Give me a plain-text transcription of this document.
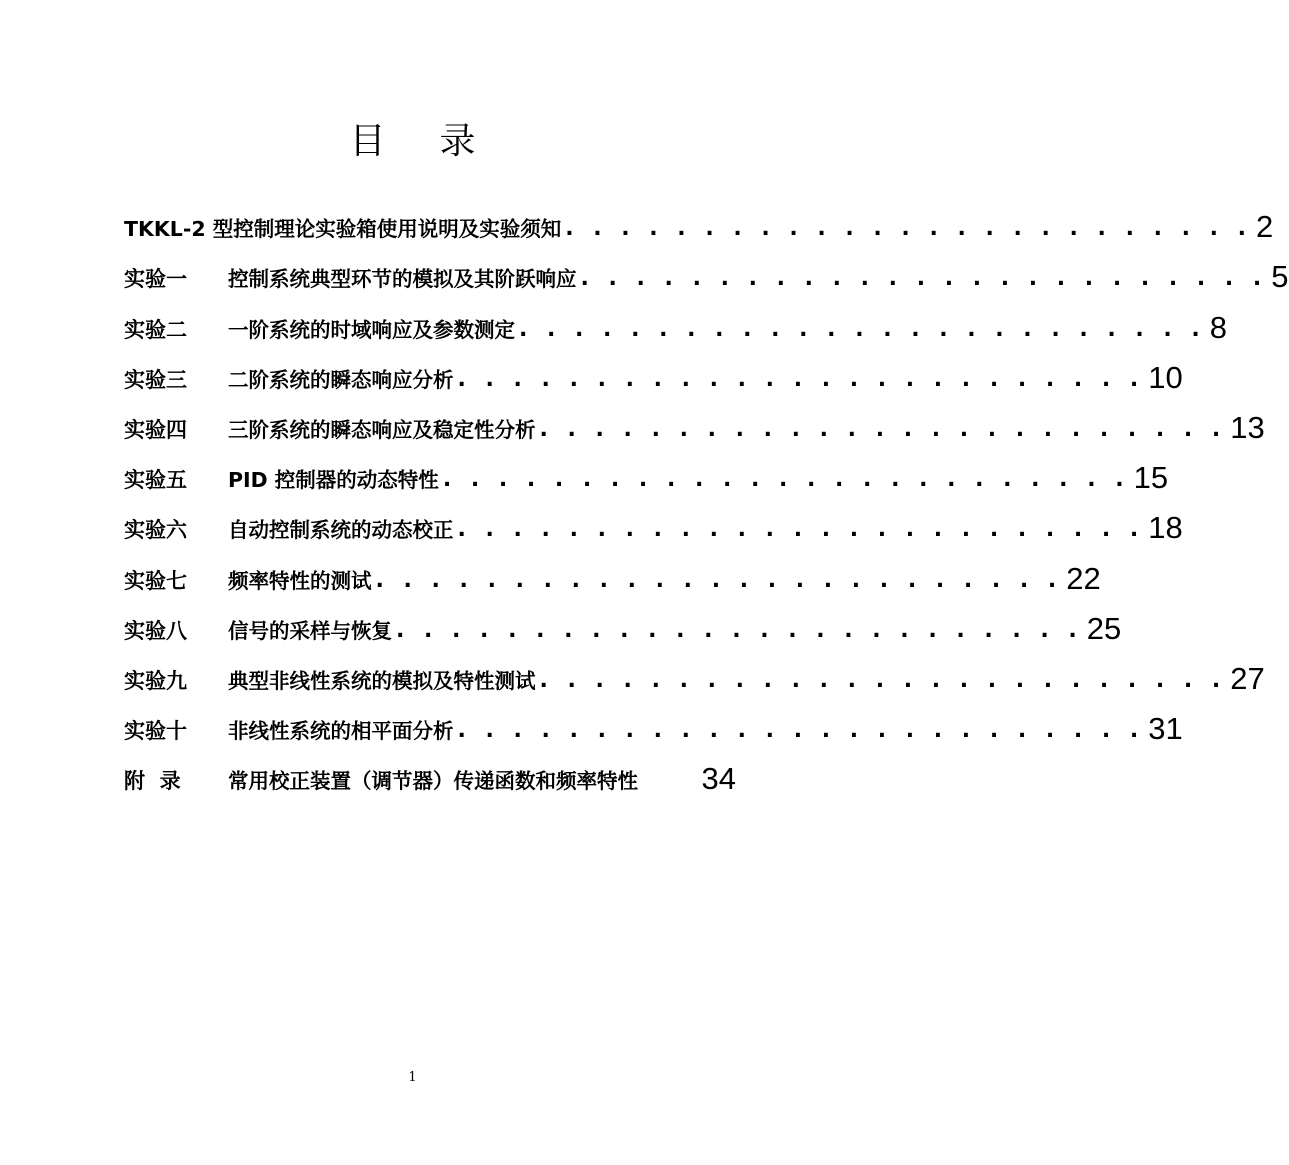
目录
TKKL-2 型控制理论实验箱使用说明及实验须知 . . . . . . . . . . . . . . . . . . . . . . . . . 2
实验一	控制系统典型环节的模拟及其阶跃响应 . . . . . . . . . . . . . . . . . . . . . . . . . 5
实验二	一阶系统的时域响应及参数测定 . . . . . . . . . . . . . . . . . . . . . . . . . 8
实验三	二阶系统的瞬态响应分析 . . . . . . . . . . . . . . . . . . . . . . . . . 10
实验四	三阶系统的瞬态响应及稳定性分析 . . . . . . . . . . . . . . . . . . . . . . . . . 13
实验五	PID 控制器的动态特性 . . . . . . . . . . . . . . . . . . . . . . . . . 15
实验六	自动控制系统的动态校正 . . . . . . . . . . . . . . . . . . . . . . . . . 18
实验七	频率特性的测试 . . . . . . . . . . . . . . . . . . . . . . . . . 22
实验八	信号的采样与恢复 . . . . . . . . . . . . . . . . . . . . . . . . . 25
实验九	典型非线性系统的模拟及特性测试 . . . . . . . . . . . . . . . . . . . . . . . . . 27
实验十	非线性系统的相平面分析 . . . . . . . . . . . . . . . . . . . . . . . . . 31
附  录	常用校正装置（调节器）传递函数和频率特性 34
1
